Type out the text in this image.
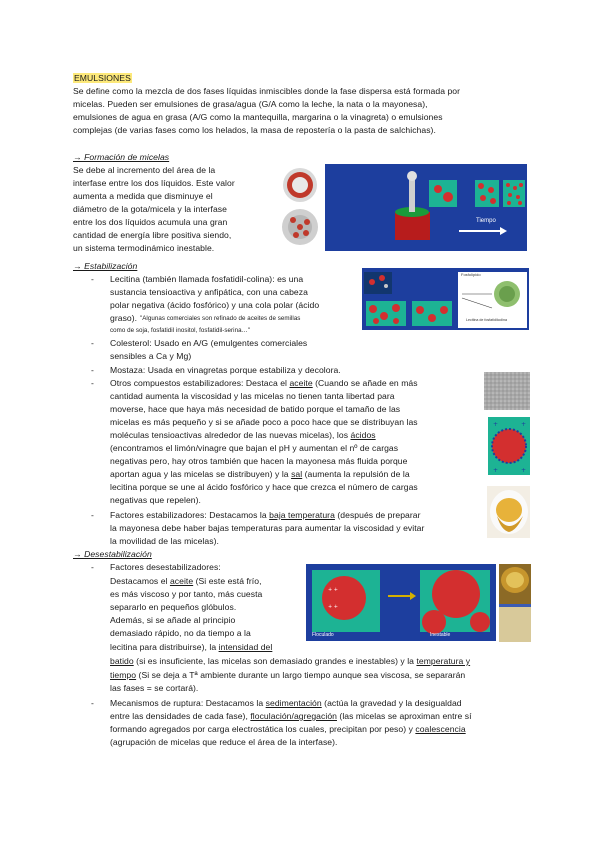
EMULSIONES
Se define como la mezcla de dos fases líquidas inmiscibles donde la fase dispersa está formada por
micelas. Pueden ser emulsiones de grasa/agua (G/A como la leche, la nata o la mayonesa),
emulsiones de agua en grasa (A/G como la mantequilla, margarina o la vinagreta) o emulsiones
complejas (de varias fases como los helados, la masa de repostería o la pasta de salchichas).
→ Formación de micelas
Se debe al incremento del área de la
interfase entre los dos líquidos. Este valor
aumenta a medida que disminuye el
diámetro de la gota/micela y la interfase
entre los dos líquidos acumula una gran
cantidad de energía libre positiva siendo,
un sistema termodinámico inestable.
Tiempo
→ Estabilización
- Lecitina (también llamada fosfatidil-colina): es una
sustancia tensioactiva y anfipática, con una cabeza
polar negativa (ácido fosfórico) y una cola polar (ácido
graso). "Algunas comerciales son refinado de aceites de semillas
como de soja, fosfatidil inositol, fosfatidil-serina…"
- Colesterol: Usado en A/G (emulgentes comerciales
sensibles a Ca y Mg)
- Mostaza: Usada en vinagretas porque estabiliza y decolora.
- Otros compuestos estabilizadores: Destaca el aceite (Cuando se añade en más
cantidad aumenta la viscosidad y las micelas no tienen tanta libertad para
moverse, hace que haya más necesidad de batido porque el tamaño de las
micelas es más pequeño y si se añade poco a poco hace que se distribuyan las
moléculas tensioactivas alrededor de las nuevas micelas), los ácidos
(encontramos el limón/vinagre que bajan el pH y aumentan el nº de cargas
negativas pero, hay otros también que hacen la mayonesa más fluida porque
aportan agua y las micelas se distribuyen) y la sal (aumenta la repulsión de la
lecitina porque se une al ácido fosfórico y hace que crezca el número de cargas
negativas que repelen).
- Factores estabilizadores: Destacamos la baja temperatura (después de preparar
la mayonesa debe haber bajas temperaturas para aumentar la viscosidad y evitar
la movilidad de las micelas).
Fosfolípido
Lecitina de fosfatidilcolina
+	+
+	+
→ Desestabilización
- Factores desestabilizadores:
Destacamos el aceite (Si este está frío,
es más viscoso y por tanto, más cuesta
separarlo en pequeños glóbulos.
Además, si se añade al principio
demasiado rápido, no da tiempo a la
lecitina para distribuirse), la intensidad del
batido (si es insuficiente, las micelas son demasiado grandes e inestables) y la temperatura y
tiempo (Si se deja a Tª ambiente durante un largo tiempo aunque sea viscosa, se separarán
las fases = se cortará).
- Mecanismos de ruptura: Destacamos la sedimentación (actúa la gravedad y la desigualdad
entre las densidades de cada fase), floculación/agregación (las micelas se aproximan entre sí
formando agregados por carga electrostática los cuales, precipitan por peso) y coalescencia
(agrupación de micelas que reduce el área de la interfase).
+ +
+ +
Floculado	Inestable
